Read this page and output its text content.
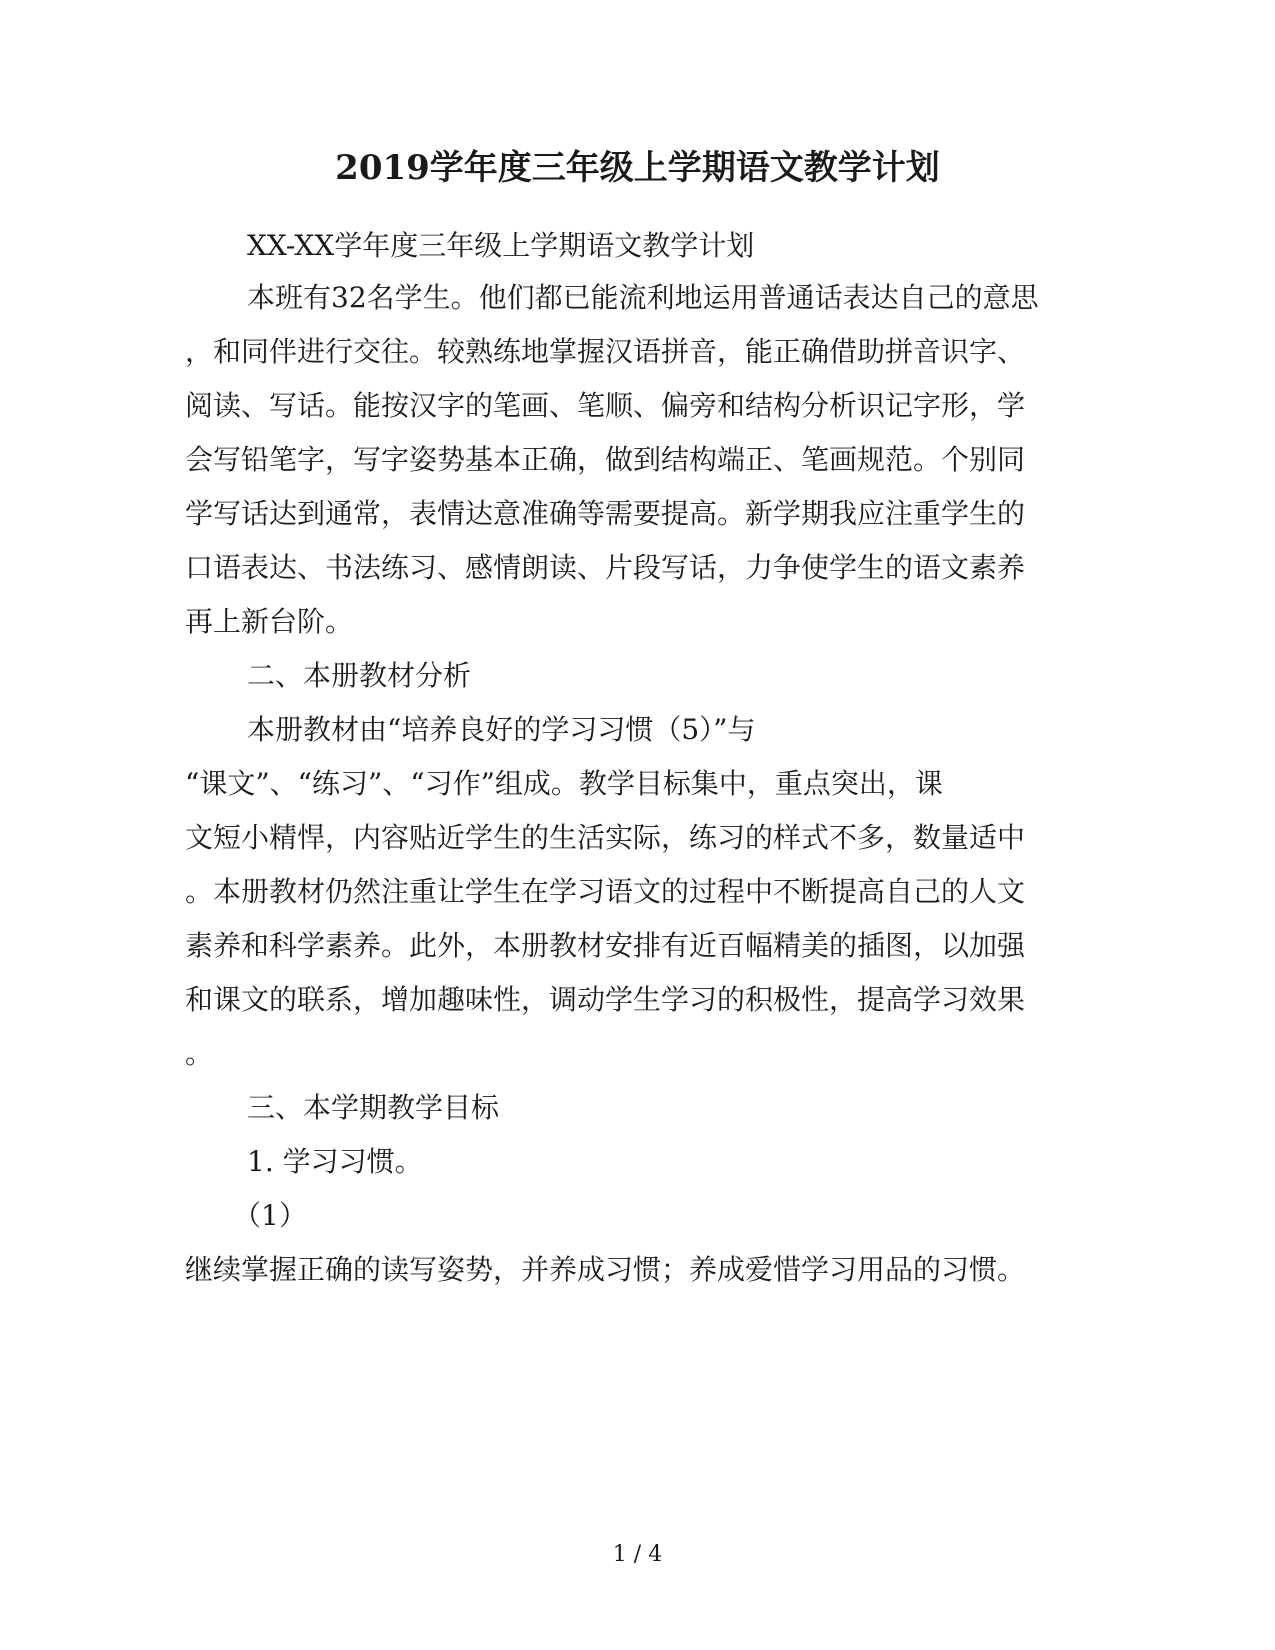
2019学年度三年级上学期语文教学计划

XX-XX学年度三年级上学期语文教学计划

本班有32名学生。他们都已能流利地运用普通话表达自己的意思

，和同伴进行交往。较熟练地掌握汉语拼音，能正确借助拼音识字、

阅读、写话。能按汉字的笔画、笔顺、偏旁和结构分析识记字形，学

会写铅笔字，写字姿势基本正确，做到结构端正、笔画规范。个别同

学写话达到通常，表情达意准确等需要提高。新学期我应注重学生的

口语表达、书法练习、感情朗读、片段写话，力争使学生的语文素养

再上新台阶。

二、本册教材分析

本册教材由“培养良好的学习习惯（5）”与

“课文”、“练习”、“习作”组成。教学目标集中，重点突出，课

文短小精悍，内容贴近学生的生活实际，练习的样式不多，数量适中

。本册教材仍然注重让学生在学习语文的过程中不断提高自己的人文

素养和科学素养。此外，本册教材安排有近百幅精美的插图，以加强

和课文的联系，增加趣味性，调动学生学习的积极性，提高学习效果

。

三、本学期教学目标

1. 学习习惯。

（1）

继续掌握正确的读写姿势，并养成习惯；养成爱惜学习用品的习惯。

1 / 4
